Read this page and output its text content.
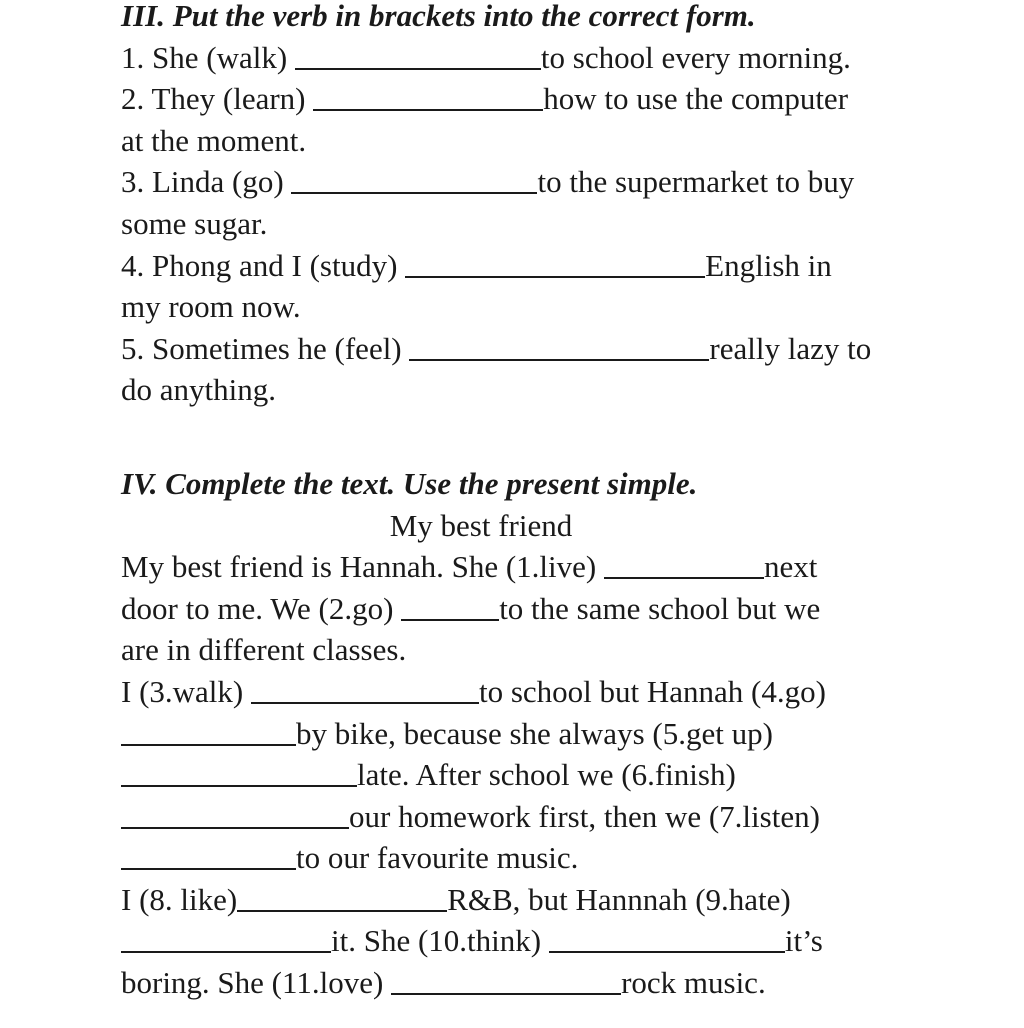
III. Put the verb in brackets into the correct form.
1. She (walk)	to school every morning.
2. They (learn)	how to use the computer
at the moment.
3. Linda (go)	to the supermarket to buy
some sugar.
4. Phong and I (study)	English in
my room now.
5. Sometimes he (feel)	really lazy to
do anything.
IV. Complete the text. Use the present simple.
My best friend
My best friend is Hannah. She (1.live)	next
door to me. We (2.go)	to the same school but we
are in different classes.
I (3.walk)	to school but Hannah (4.go)
by bike, because she always (5.get up)
late. After school we (6.finish)
our homework first, then we (7.listen)
to our favourite music.
I (8. like)	R&B, but Hannnah (9.hate)
it. She (10.think)	it’s
boring. She (11.love)	rock music.
